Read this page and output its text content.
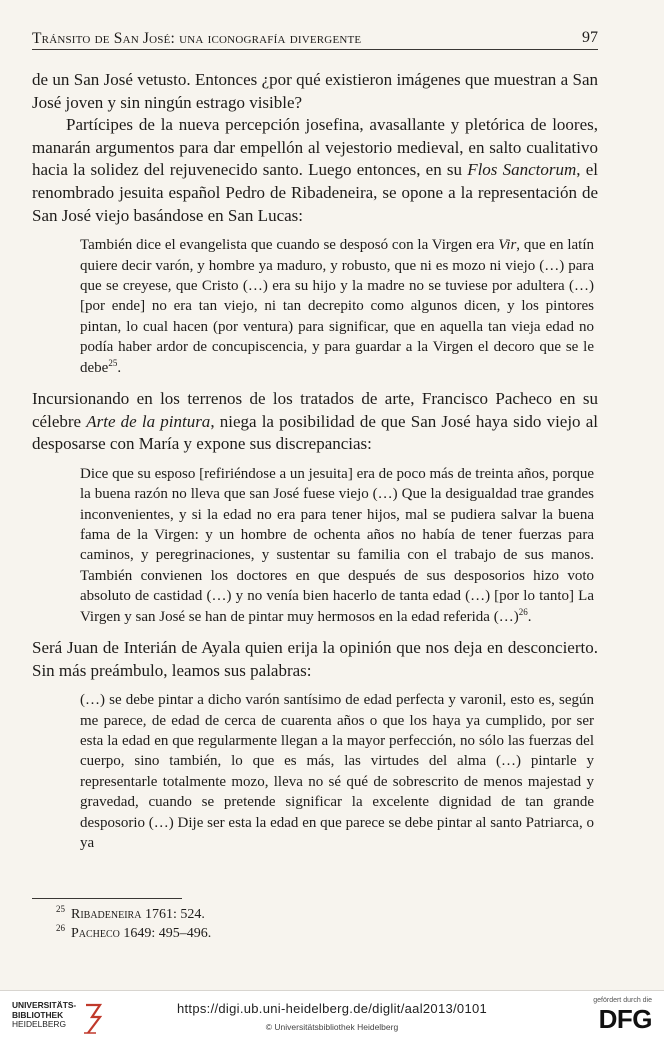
Tránsito de San José: una iconografía divergente	97

de un San José vetusto. Entonces ¿por qué existieron imágenes que muestran a San José joven y sin ningún estrago visible?

Partícipes de la nueva percepción josefina, avasallante y pletórica de loores, manarán argumentos para dar empellón al vejestorio medieval, en salto cualitativo hacia la solidez del rejuvenecido santo. Luego entonces, en su Flos Sanctorum, el renombrado jesuita español Pedro de Ribadeneira, se opone a la representación de San José viejo basándose en San Lucas:

También dice el evangelista que cuando se desposó con la Virgen era Vir, que en latín quiere decir varón, y hombre ya maduro, y robusto, que ni es mozo ni viejo (…) para que se creyese, que Cristo (…) era su hijo y la madre no se tuviese por adultera (…) [por ende] no era tan viejo, ni tan decrepito como algunos dicen, y los pintores pintan, lo cual hacen (por ventura) para significar, que en aquella tan vieja edad no podía haber ardor de concupiscencia, y para guardar a la Virgen el decoro que se le debe$^{25}$.

Incursionando en los terrenos de los tratados de arte, Francisco Pacheco en su célebre Arte de la pintura, niega la posibilidad de que San José haya sido viejo al desposarse con María y expone sus discrepancias:

Dice que su esposo [refiriéndose a un jesuita] era de poco más de treinta años, porque la buena razón no lleva que san José fuese viejo (…) Que la desigualdad trae grandes inconvenientes, y si la edad no era para tener hijos, mal se pudiera salvar la buena fama de la Virgen: y un hombre de ochenta años no había de tener fuerzas para caminos, y peregrinaciones, y sustentar su familia con el trabajo de sus manos. También convienen los doctores en que después de sus desposorios hizo voto absoluto de castidad (…) y no venía bien hacerlo de tanta edad (…) [por lo tanto] La Virgen y san José se han de pintar muy hermosos en la edad referida (…)$^{26}$.

Será Juan de Interián de Ayala quien erija la opinión que nos deja en desconcierto. Sin más preámbulo, leamos sus palabras:

(…) se debe pintar a dicho varón santísimo de edad perfecta y varonil, esto es, según me parece, de edad de cerca de cuarenta años o que los haya ya cumplido, por ser esta la edad en que regularmente llegan a la mayor perfección, no sólo las fuerzas del cuerpo, sino también, lo que es más, las virtudes del alma (…) pintarle y representarle totalmente mozo, lleva no sé qué de sobrescrito de menos majestad y gravedad, cuando se pretende significar la excelente dignidad de tan grande desposorio (…) Dije ser esta la edad en que parece se debe pintar al santo Patriarca, o ya
$^{25}$ Ribadeneira 1761: 524.
$^{26}$ Pacheco 1649: 495–496.
UNIVERSITÄTS-
BIBLIOTHEK
HEIDELBERG
https://digi.ub.uni-heidelberg.de/diglit/aal2013/0101
© Universitätsbibliothek Heidelberg
gefördert durch die
DFG
